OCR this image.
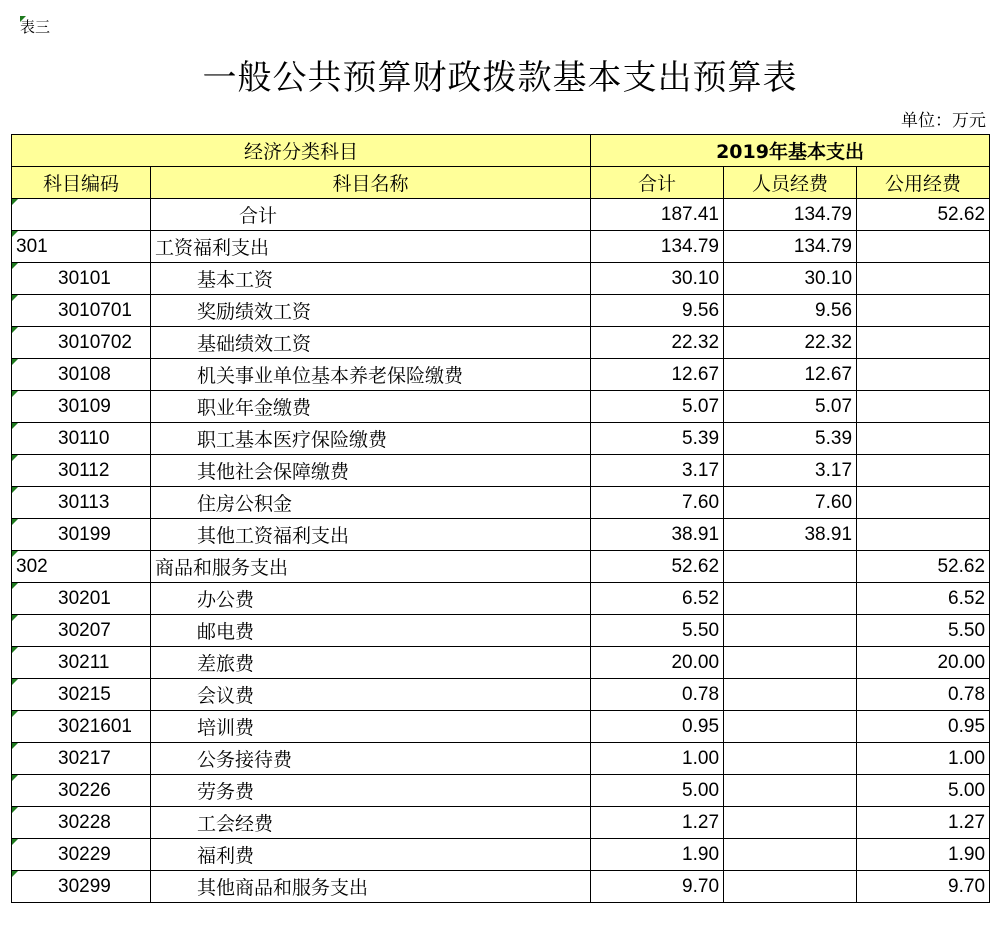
表三
一般公共预算财政拨款基本支出预算表
单位：万元
经济分类科目		2019年基本支出		
科目编码	科目名称	合计	人员经费	公用经费
	合计	187.41	134.79	52.62
301	工资福利支出	134.79	134.79	
30101	基本工资	30.10	30.10	
3010701	奖励绩效工资	9.56	9.56	
3010702	基础绩效工资	22.32	22.32	
30108	机关事业单位基本养老保险缴费	12.67	12.67	
30109	职业年金缴费	5.07	5.07	
30110	职工基本医疗保险缴费	5.39	5.39	
30112	其他社会保障缴费	3.17	3.17	
30113	住房公积金	7.60	7.60	
30199	其他工资福利支出	38.91	38.91	
302	商品和服务支出	52.62		52.62
30201	办公费	6.52		6.52
30207	邮电费	5.50		5.50
30211	差旅费	20.00		20.00
30215	会议费	0.78		0.78
3021601	培训费	0.95		0.95
30217	公务接待费	1.00		1.00
30226	劳务费	5.00		5.00
30228	工会经费	1.27		1.27
30229	福利费	1.90		1.90
30299	其他商品和服务支出	9.70		9.70
